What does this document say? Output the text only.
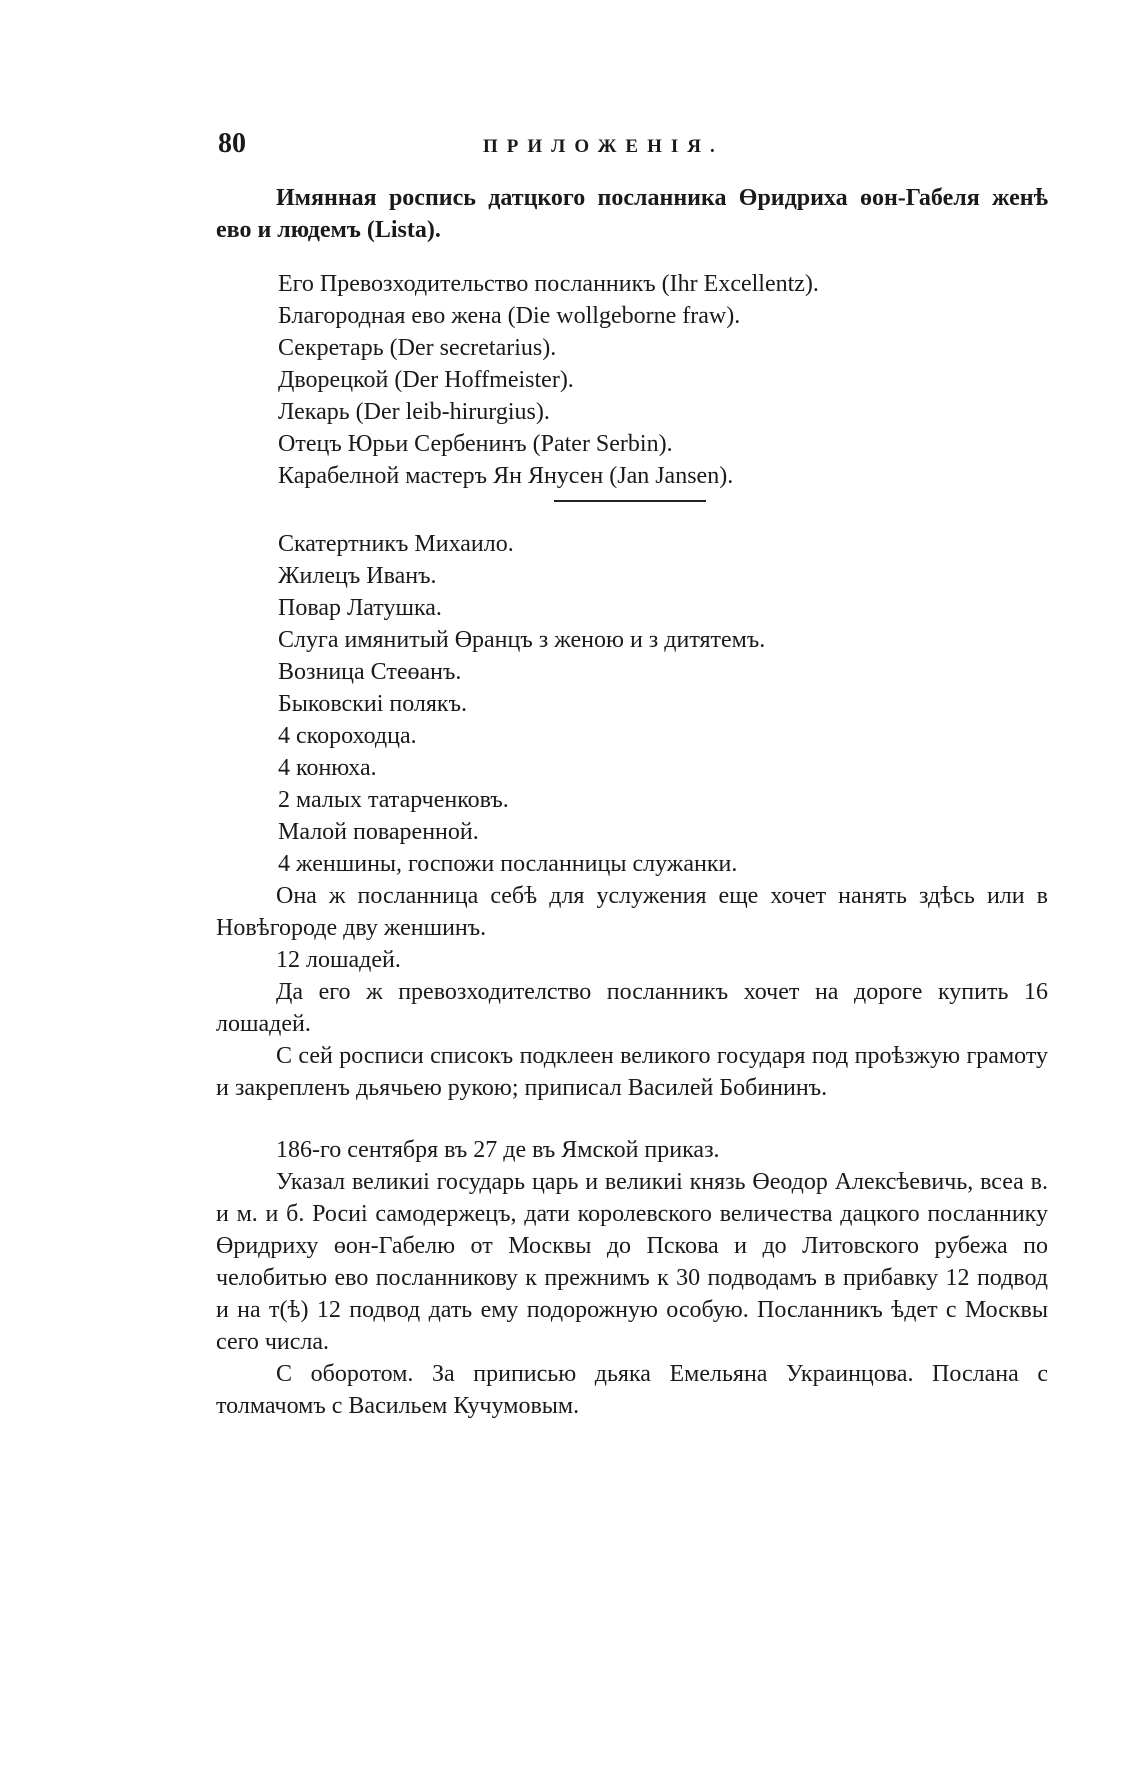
80	ПРИЛОЖЕНІЯ.

Имянная роспись датцкого посланника Өридриха өон-Габеля женѣ ево и людемъ (Lista).

Его Превозходительство посланникъ (Ihr Excellentz).
Благородная ево жена (Die wollgeborne fraw).
Секретарь (Der secretarius).
Дворецкой (Der Hoffmeister).
Лекарь (Der leib-hirurgius).
Отецъ Юрьи Сербенинъ (Pater Serbin).
Карабелной мастеръ Ян Янусен (Jan Jansen).
Скатертникъ Михаило.
Жилецъ Иванъ.
Повар Латушка.
Слуга имянитый Өранцъ з женою и з дитятемъ.
Возница Стеөанъ.
Быковскиі полякъ.
4 скороходца.
4 конюха.
2 малых татарченковъ.
Малой поваренной.
4 женшины, госпожи посланницы служанки.

Она ж посланница себѣ для услужения еще хочет нанять здѣсь или в Новѣгороде дву женшинъ.

12 лошадей.

Да его ж превозходителство посланникъ хочет на дороге купить 16 лошадей.

С сей росписи списокъ подклеен великого государя под проѣзжую грамоту и закрепленъ дьячьею рукою; приписал Василей Бобининъ.

186-го сентября въ 27 де въ Ямской приказ.

Указал великиі государь царь и великиі князь Өеодор Алексѣевичь, всеа в. и м. и б. Росиі самодержецъ, дати королевского величества дацкого посланнику Өридриху өон-Габелю от Москвы до Пскова и до Литовского рубежа по челобитью ево посланникову к прежнимъ к 30 подводамъ в прибавку 12 подвод и на т(ѣ) 12 подвод дать ему подорожную особую. Посланникъ ѣдет с Москвы сего числа.

С оборотом. За приписью дьяка Емельяна Украинцова. Послана с толмачомъ с Васильем Кучумовым.
